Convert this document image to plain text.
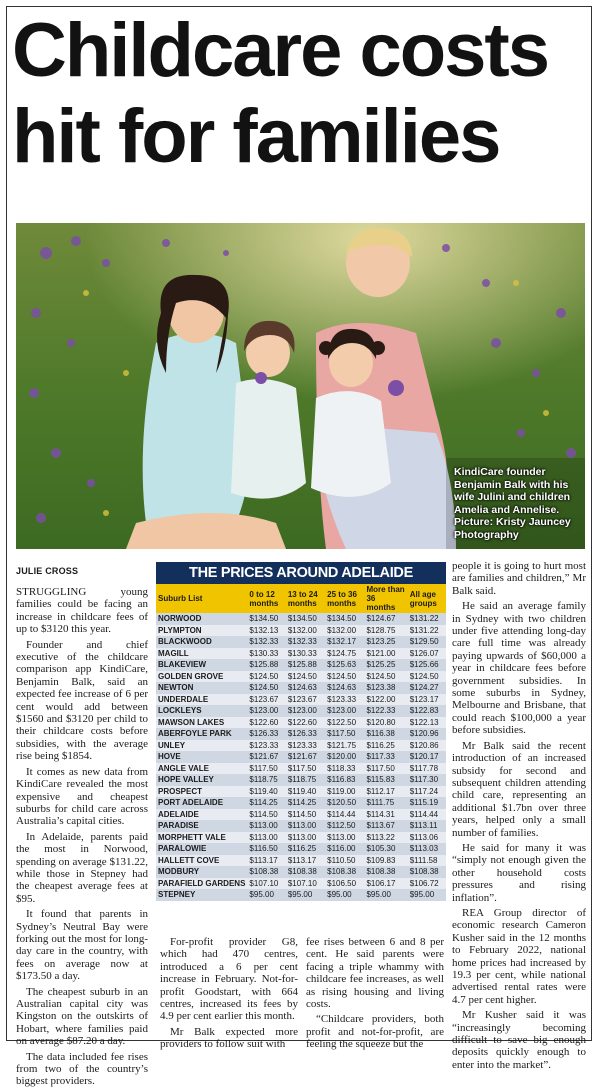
Childcare costs hit for families
KindiCare founder Benjamin Balk with his wife Julini and children Amelia and Annelise. Picture: Kristy Jauncey Photography
JULIE CROSS

STRUGGLING young families could be facing an increase in childcare fees of up to $3120 this year.

Founder and chief executive of the childcare comparison app KindiCare, Benjamin Balk, said an expected fee increase of 6 per cent would add between $1560 and $3120 per child to their childcare costs before subsidies, with the average rise being $1854.

It comes as new data from KindiCare revealed the most expensive and cheapest suburbs for child care across Australia’s capital cities.

In Adelaide, parents paid the most in Norwood, spending on average $131.22, while those in Stepney had the cheapest average fees at $95.

It found that parents in Sydney’s Neutral Bay were forking out the most for long-day care in the country, with fees on average now at $173.50 a day.

The cheapest suburb in an Australian capital city was Kingston on the outskirts of Hobart, where families paid on average $87.20 a day.

The data included fee rises from two of the country’s biggest providers.

THE PRICES AROUND ADELAIDE
Suburb List	0 to 12 months	13 to 24 months	25 to 36 months	More than 36 months	All age groups
NORWOOD	$134.50	$134.50	$134.50	$124.67	$131.22
PLYMPTON	$132.13	$132.00	$132.00	$128.75	$131.22
BLACKWOOD	$132.33	$132.33	$132.17	$123.25	$129.50
MAGILL	$130.33	$130.33	$124.75	$121.00	$126.07
BLAKEVIEW	$125.88	$125.88	$125.63	$125.25	$125.66
GOLDEN GROVE	$124.50	$124.50	$124.50	$124.50	$124.50
NEWTON	$124.50	$124.63	$124.63	$123.38	$124.27
UNDERDALE	$123.67	$123.67	$123.33	$122.00	$123.17
LOCKLEYS	$123.00	$123.00	$123.00	$122.33	$122.83
MAWSON LAKES	$122.60	$122.60	$122.50	$120.80	$122.13
ABERFOYLE PARK	$126.33	$126.33	$117.50	$116.38	$120.96
UNLEY	$123.33	$123.33	$121.75	$116.25	$120.86
HOVE	$121.67	$121.67	$120.00	$117.33	$120.17
ANGLE VALE	$117.50	$117.50	$118.33	$117.50	$117.78
HOPE VALLEY	$118.75	$118.75	$116.83	$115.83	$117.30
PROSPECT	$119.40	$119.40	$119.00	$112.17	$117.24
PORT ADELAIDE	$114.25	$114.25	$120.50	$111.75	$115.19
ADELAIDE	$114.50	$114.50	$114.44	$114.31	$114.44
PARADISE	$113.00	$113.00	$112.50	$113.67	$113.11
MORPHETT VALE	$113.00	$113.00	$113.00	$113.22	$113.06
PARALOWIE	$116.50	$116.25	$116.00	$105.30	$113.03
HALLETT COVE	$113.17	$113.17	$110.50	$109.83	$111.58
MODBURY	$108.38	$108.38	$108.38	$108.38	$108.38
PARAFIELD GARDENS	$107.10	$107.10	$106.50	$106.17	$106.72
STEPNEY	$95.00	$95.00	$95.00	$95.00	$95.00

For-profit provider G8, which had 470 centres, introduced a 6 per cent increase in February. Not-for-profit Goodstart, with 664 centres, increased its fees by 4.9 per cent earlier this month.

Mr Balk expected more providers to follow suit with

fee rises between 6 and 8 per cent. He said parents were facing a triple whammy with childcare fee increases, as well as rising housing and living costs.

“Childcare providers, both profit and not-for-profit, are feeling the squeeze but the

people it is going to hurt most are families and children,” Mr Balk said.

He said an average family in Sydney with two children under five attending long-day care full time was already paying upwards of $60,000 a year in childcare fees before government subsidies. In some suburbs in Sydney, Melbourne and Brisbane, that could reach $100,000 a year before subsidies.

Mr Balk said the recent introduction of an increased subsidy for second and subsequent children attending child care, representing an additional $1.7bn over three years, helped only a small number of families.

He said for many it was “simply not enough given the other household costs pressures and rising inflation”.

REA Group director of economic research Cameron Kusher said in the 12 months to February 2022, national home prices had increased by 19.3 per cent, while national advertised rental rates were 4.7 per cent higher.

Mr Kusher said it was “increasingly becoming difficult to save big enough deposits quickly enough to enter into the market”.
